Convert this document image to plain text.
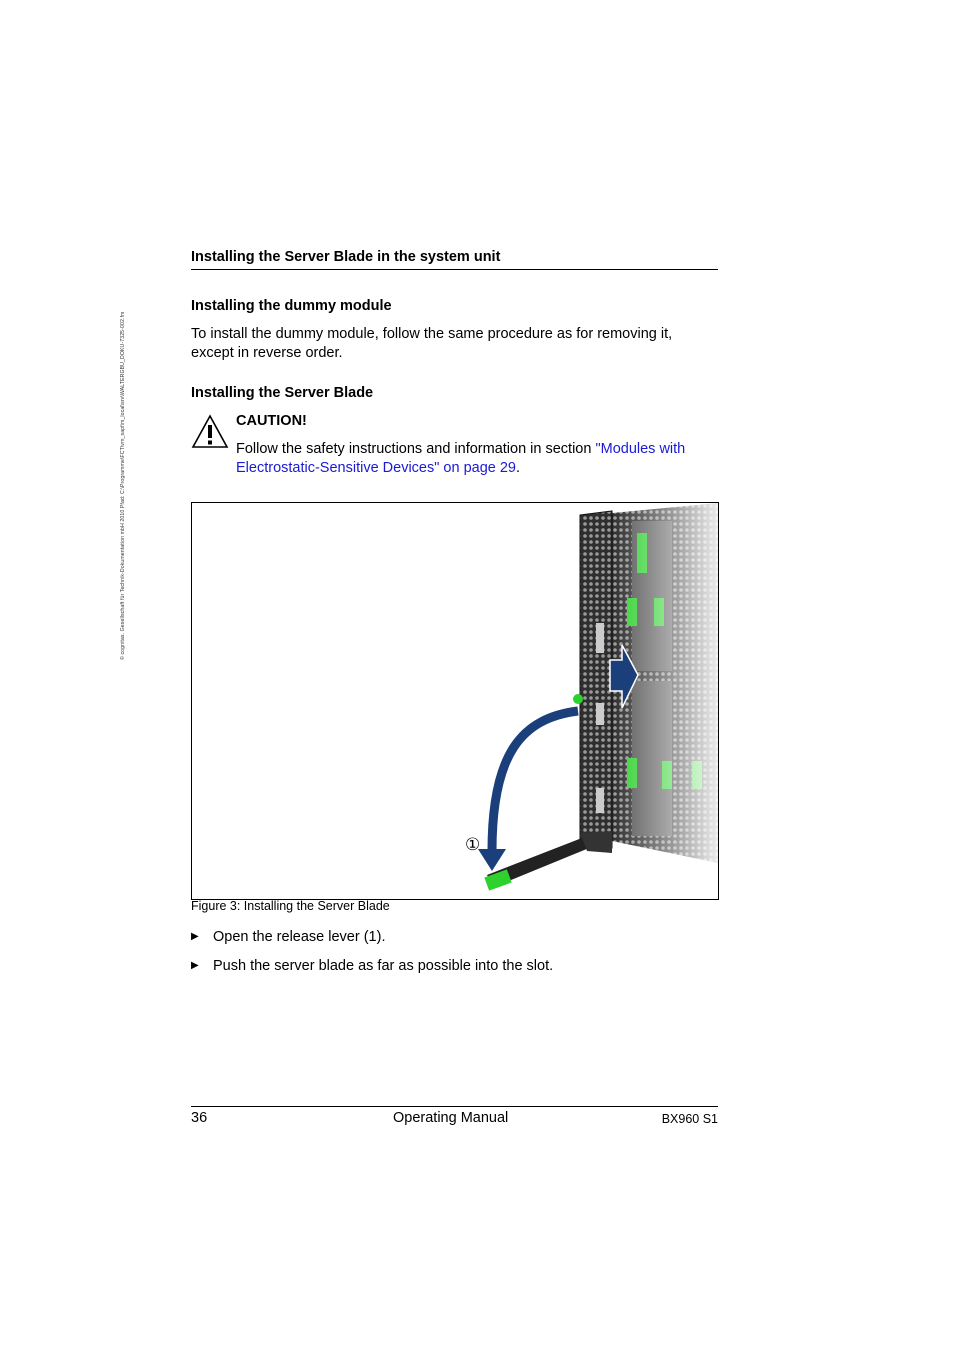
© cognitas. Gesellschaft für Technik-Dokumentation mbH 2010 Pfad: C:\Programme\FCT\vm_sapfim_local\srv\WALTERGBU_DOKU-7325-002.fm
Installing the Server Blade in the system unit
Installing the dummy module
To install the dummy module, follow the same procedure as for removing it, except in reverse order.
Installing the Server Blade
CAUTION!
Follow the safety instructions and information in section "Modules with Electrostatic-Sensitive Devices" on page 29.
①
Figure 3: Installing the Server Blade
▶ Open the release lever (1).
▶ Push the server blade as far as possible into the slot.
36	Operating Manual	BX960 S1
